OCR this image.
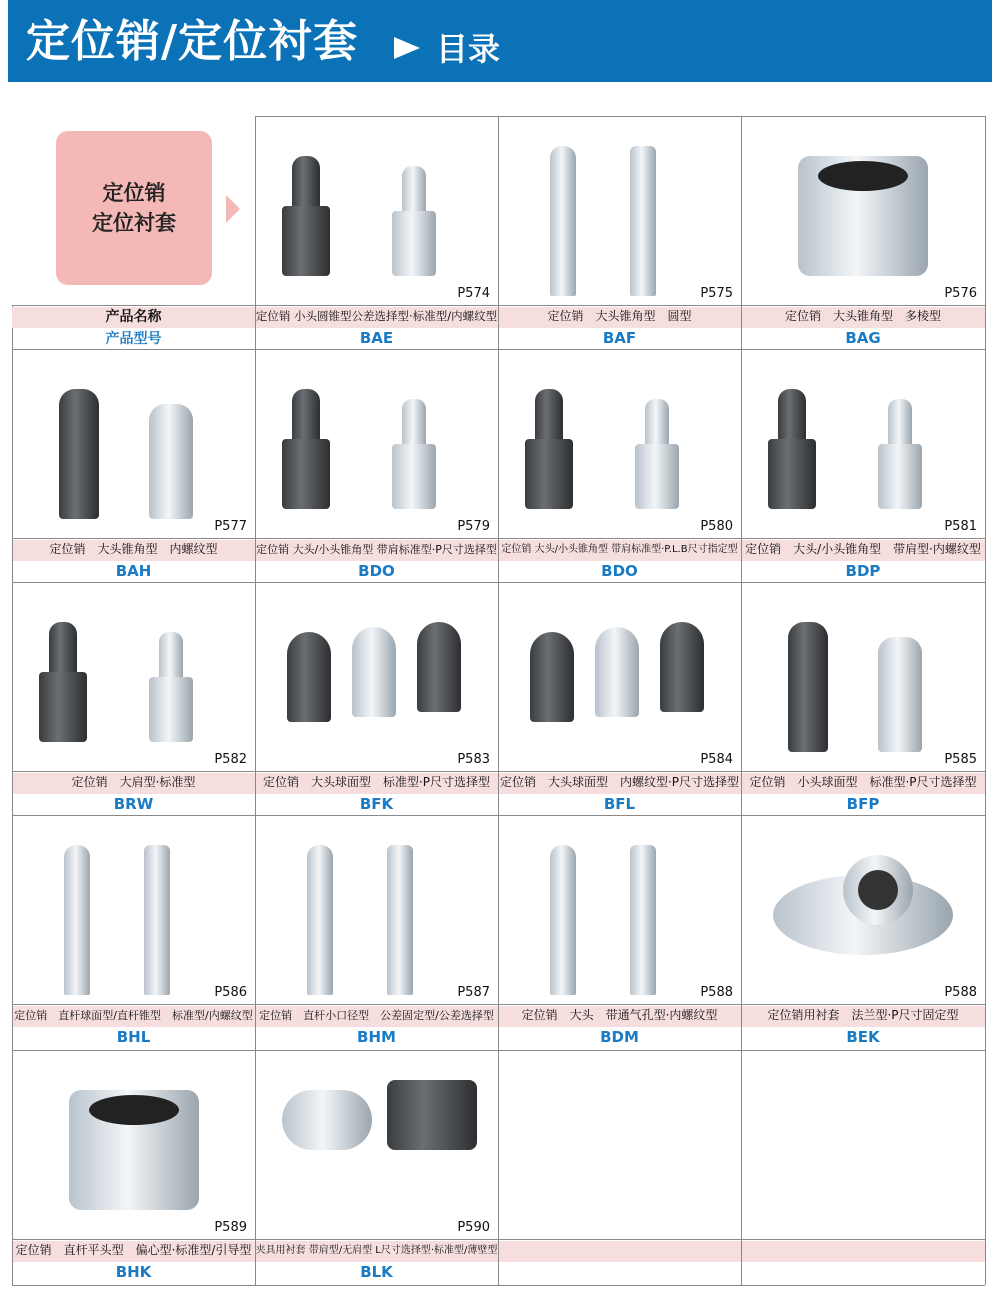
定位销/定位衬套 目录
定位销
定位衬套
产品名称
产品型号
P574
定位销 小头圆锥型公差选择型·标准型/内螺纹型
BAE
P575
定位销　大头锥角型　圆型
BAF
P576
定位销　大头锥角型　多棱型
BAG
P577
定位销　大头锥角型　内螺纹型
BAH
P579
定位销 大头/小头锥角型 带肩标准型·P尺寸选择型
BDO
P580
定位销 大头/小头锥角型 带肩标准型·P.L.B尺寸指定型
BDO
P581
定位销　大头/小头锥角型　带肩型·内螺纹型
BDP
P582
定位销　大肩型·标准型
BRW
P583
定位销　大头球面型　标准型·P尺寸选择型
BFK
P584
定位销　大头球面型　内螺纹型·P尺寸选择型
BFL
P585
定位销　小头球面型　标准型·P尺寸选择型
BFP
P586
定位销　直杆球面型/直杆锥型　标准型/内螺纹型
BHL
P587
定位销　直杆小口径型　公差固定型/公差选择型
BHM
P588
定位销　大头　带通气孔型·内螺纹型
BDM
P588
定位销用衬套　法兰型·P尺寸固定型
BEK
P589
定位销　直杆平头型　偏心型·标准型/引导型
BHK
P590
夹具用衬套 带肩型/无肩型 L尺寸选择型·标准型/薄壁型
BLK
